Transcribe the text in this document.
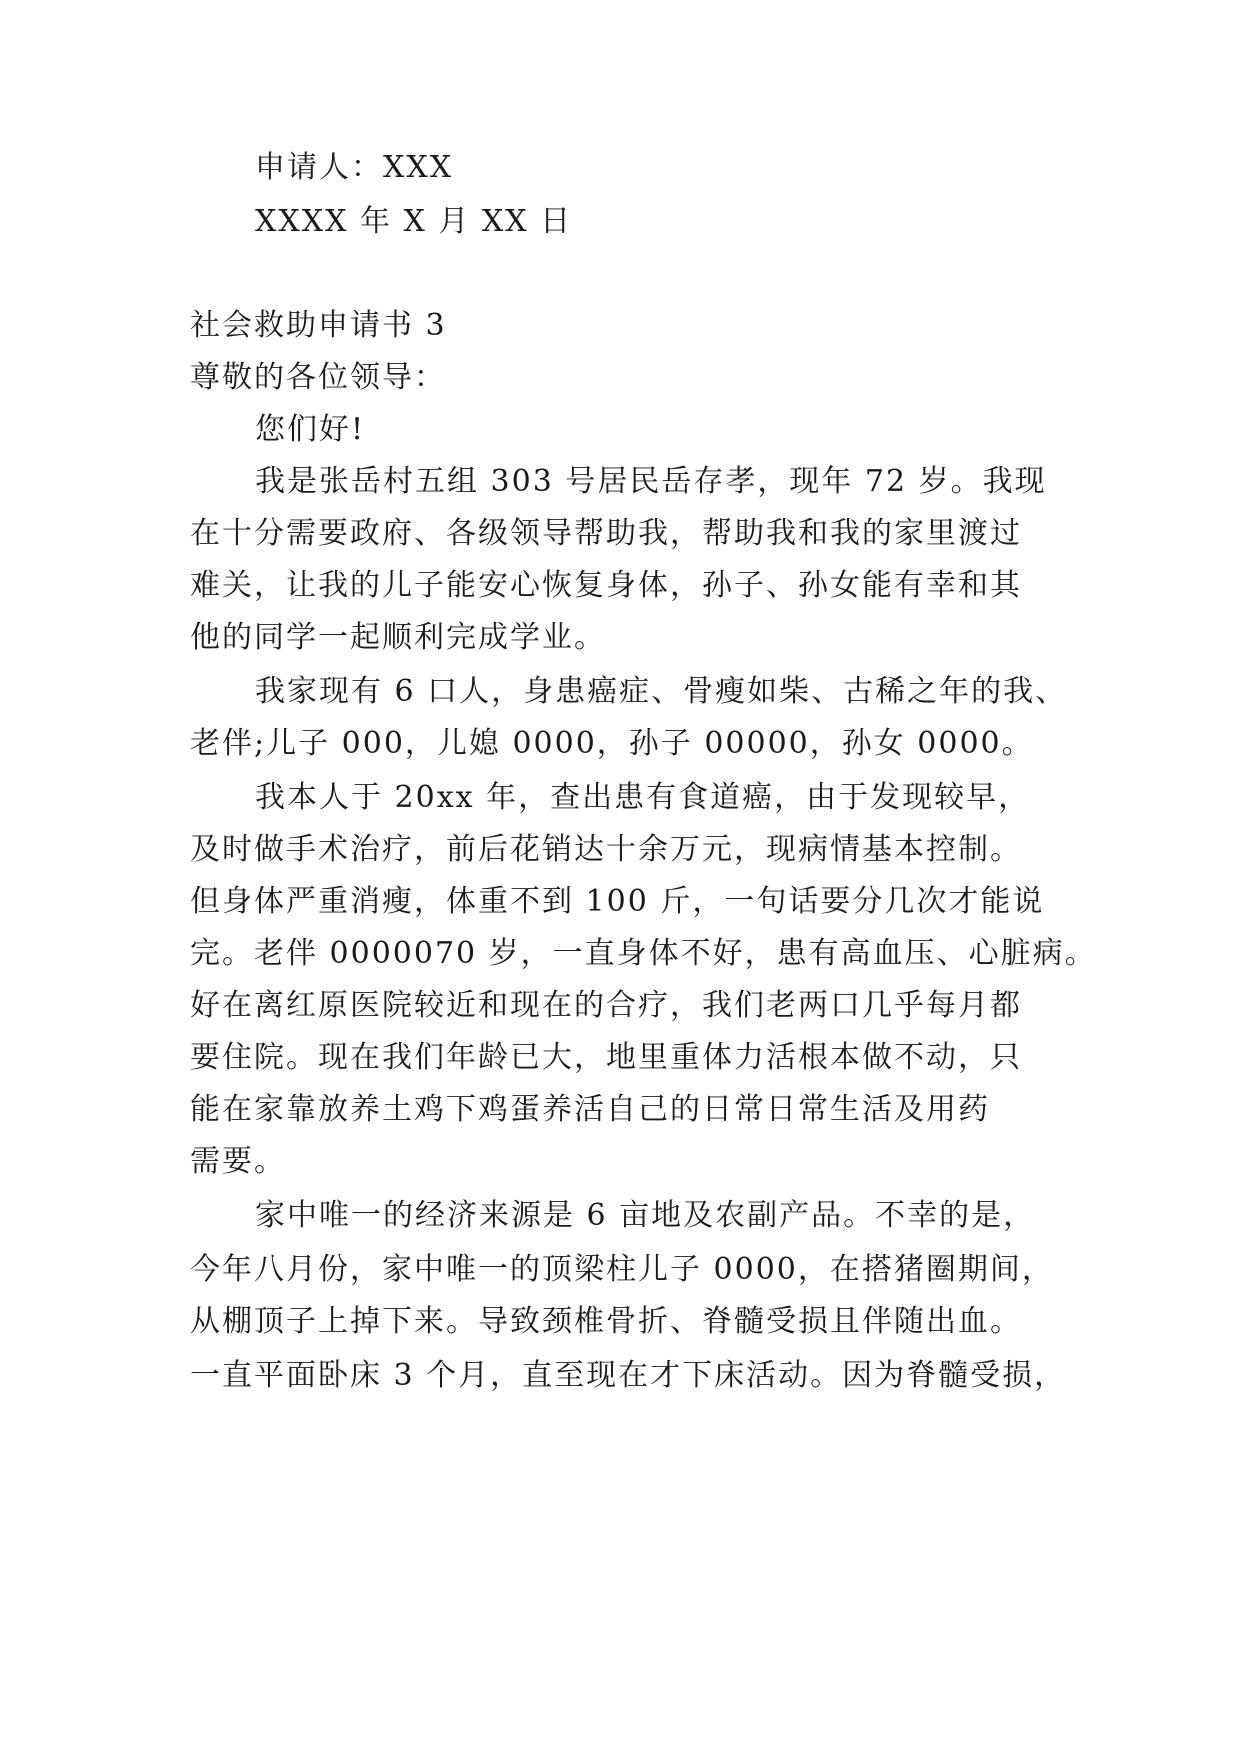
申请人：XXX
XXXX 年 X 月 XX 日
社会救助申请书 3
尊敬的各位领导：
您们好!
我是张岳村五组 303 号居民岳存孝，现年 72 岁。我现
在十分需要政府、各级领导帮助我，帮助我和我的家里渡过
难关，让我的儿子能安心恢复身体，孙子、孙女能有幸和其
他的同学一起顺利完成学业。
我家现有 6 口人，身患癌症、骨瘦如柴、古稀之年的我、
老伴;儿子 000，儿媳 0000，孙子 00000，孙女 0000。
我本人于 20xx 年，查出患有食道癌，由于发现较早，
及时做手术治疗，前后花销达十余万元，现病情基本控制。
但身体严重消瘦，体重不到 100 斤，一句话要分几次才能说
完。老伴 0000070 岁，一直身体不好，患有高血压、心脏病。
好在离红原医院较近和现在的合疗，我们老两口几乎每月都
要住院。现在我们年龄已大，地里重体力活根本做不动，只
能在家靠放养土鸡下鸡蛋养活自己的日常日常生活及用药
需要。
家中唯一的经济来源是 6 亩地及农副产品。不幸的是，
今年八月份，家中唯一的顶梁柱儿子 0000，在搭猪圈期间，
从棚顶子上掉下来。导致颈椎骨折、脊髓受损且伴随出血。
一直平面卧床 3 个月，直至现在才下床活动。因为脊髓受损，
